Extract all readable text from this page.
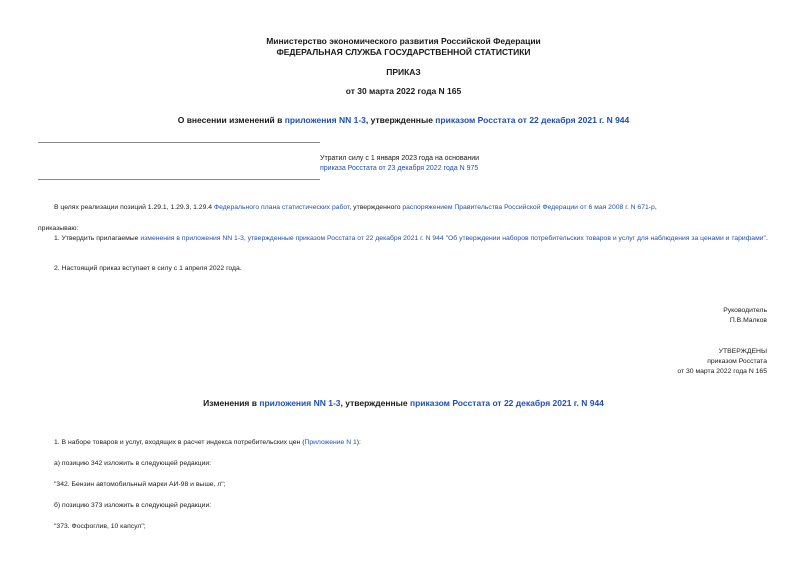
Министерство экономического развития Российской Федерации
ФЕДЕРАЛЬНАЯ СЛУЖБА ГОСУДАРСТВЕННОЙ СТАТИСТИКИ
ПРИКАЗ
от 30 марта 2022 года N 165
О внесении изменений в приложения NN 1-3, утвержденные приказом Росстата от 22 декабря 2021 г. N 944
Утратил силу с 1 января 2023 года на основании
приказа Росстата от 23 декабря 2022 года N 975
В целях реализации позиций 1.29.1, 1.29.3, 1.29.4 Федерального плана статистических работ, утвержденного распоряжением Правительства Российской Федерации от 6 мая 2008 г. N 671-р,
приказываю:
1. Утвердить прилагаемые изменения в приложения NN 1-3, утвержденные приказом Росстата от 22 декабря 2021 г. N 944 "Об утверждении наборов потребительских товаров и услуг для наблюдения за ценами и тарифами".
2. Настоящий приказ вступает в силу с 1 апреля 2022 года.
Руководитель
П.В.Малков
УТВЕРЖДЕНЫ
приказом Росстата
от 30 марта 2022 года N 165
Изменения в приложения NN 1-3, утвержденные приказом Росстата от 22 декабря 2021 г. N 944
1. В наборе товаров и услуг, входящих в расчет индекса потребительских цен (Приложение N 1):
а) позицию 342 изложить в следующей редакции:
"342. Бензин автомобильный марки АИ-98 и выше, л";
б) позицию 373 изложить в следующей редакции:
"373. Фосфоглив, 10 капсул";
